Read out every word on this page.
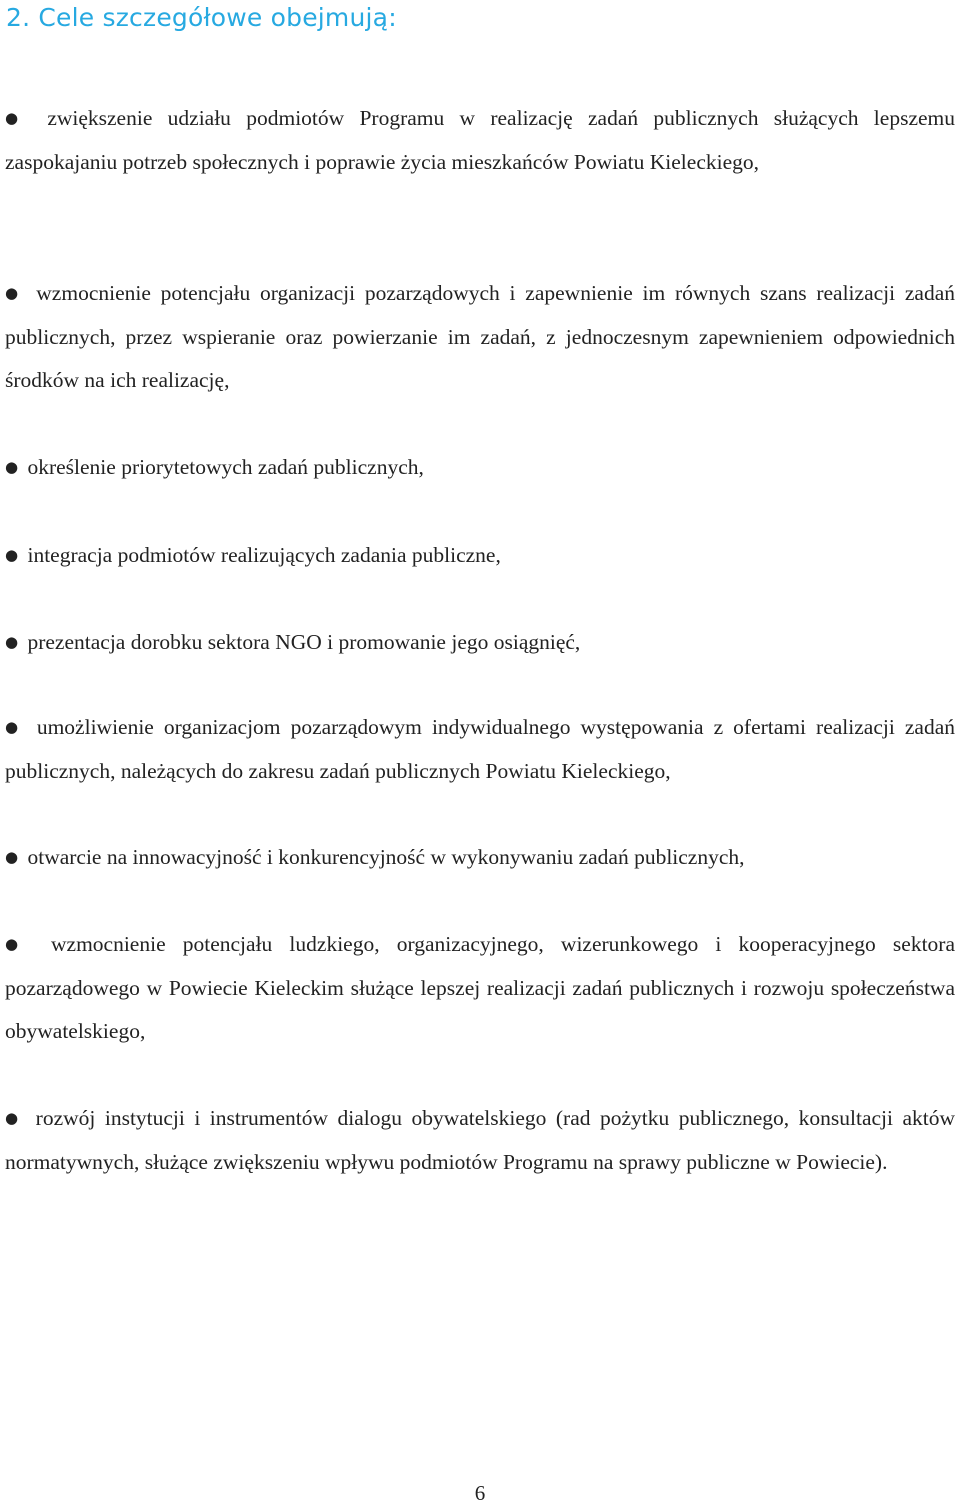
2. Cele szczegółowe obejmują:

● zwiększenie udziału podmiotów Programu w realizację zadań publicznych służących lepszemu zaspokajaniu potrzeb społecznych i poprawie życia mieszkańców Powiatu Kieleckiego,

● wzmocnienie potencjału organizacji pozarządowych i zapewnienie im równych szans realizacji zadań publicznych, przez wspieranie oraz powierzanie im zadań, z jednoczesnym zapewnieniem odpowiednich środków na ich realizację,

● określenie priorytetowych zadań publicznych,

● integracja podmiotów realizujących zadania publiczne,

● prezentacja dorobku sektora NGO i promowanie jego osiągnięć,

● umożliwienie organizacjom pozarządowym indywidualnego występowania z ofertami realizacji zadań publicznych, należących do zakresu zadań publicznych Powiatu Kieleckiego,

● otwarcie na innowacyjność i konkurencyjność w wykonywaniu zadań publicznych,

● wzmocnienie potencjału ludzkiego, organizacyjnego, wizerunkowego i kooperacyjnego sektora pozarządowego w Powiecie Kieleckim służące lepszej realizacji zadań publicznych i rozwoju społeczeństwa obywatelskiego,

● rozwój instytucji i instrumentów dialogu obywatelskiego (rad pożytku publicznego, konsultacji aktów normatywnych, służące zwiększeniu wpływu podmiotów Programu na sprawy publiczne w Powiecie).

6
